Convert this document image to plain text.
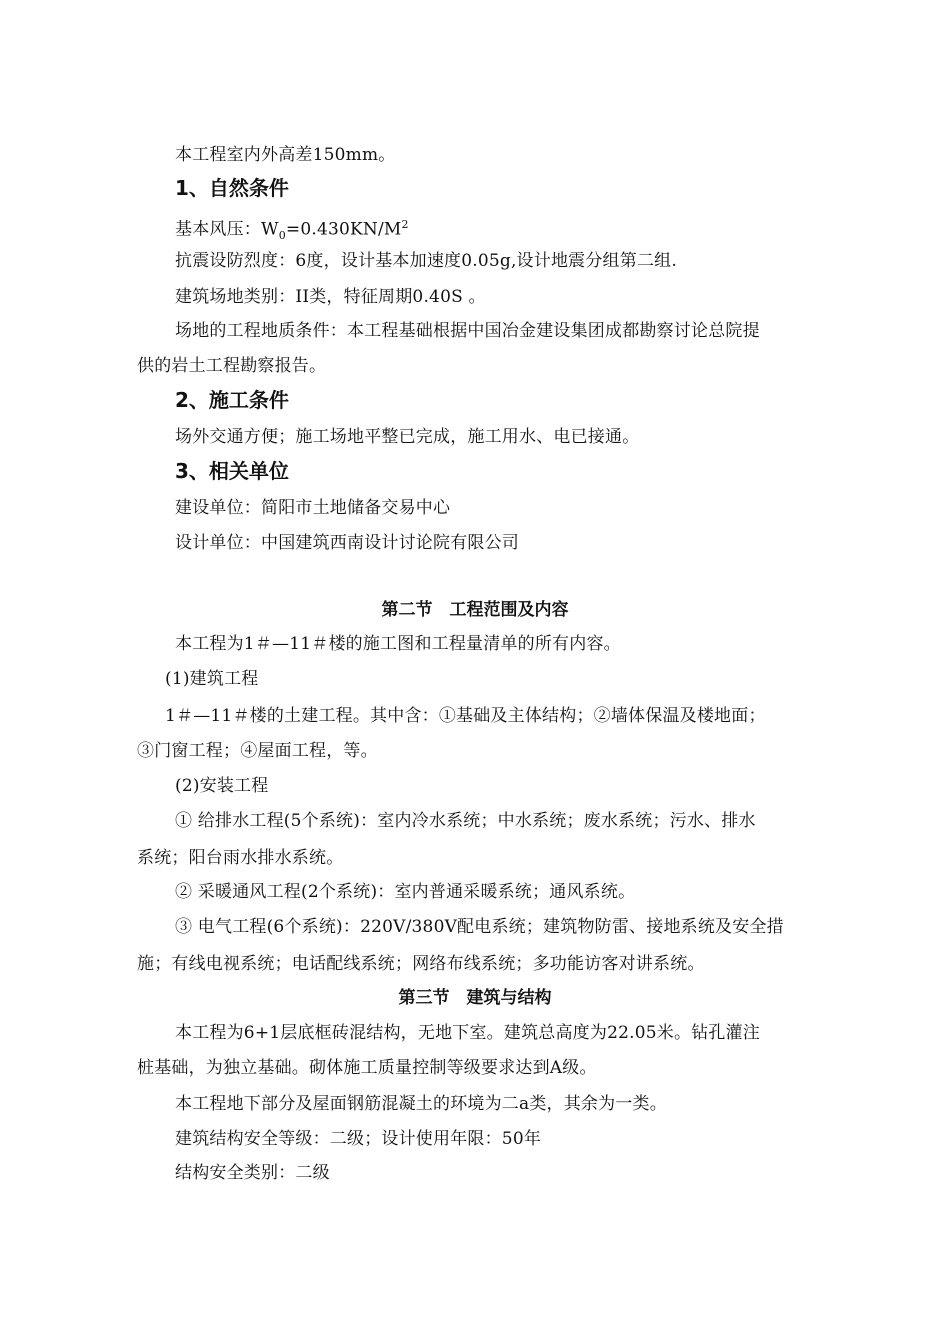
本工程室内外高差150mm。
1、自然条件
基本风压：$W_0=0.430KN/M^2$
抗震设防烈度：6度，设计基本加速度0.05g,设计地震分组第二组.
建筑场地类别：II类，特征周期0.40S 。
场地的工程地质条件：本工程基础根据中国冶金建设集团成都勘察讨论总院提
供的岩土工程勘察报告。
2、施工条件
场外交通方便；施工场地平整已完成，施工用水、电已接通。
3、相关单位
建设单位：简阳市土地储备交易中心
设计单位：中国建筑西南设计讨论院有限公司
第二节　工程范围及内容
本工程为1＃—11＃楼的施工图和工程量清单的所有内容。
(1)建筑工程
1＃—11＃楼的土建工程。其中含：①基础及主体结构；②墙体保温及楼地面；
③门窗工程；④屋面工程，等。
(2)安装工程
① 给排水工程(5个系统)：室内冷水系统；中水系统；废水系统；污水、排水
系统；阳台雨水排水系统。
② 采暖通风工程(2个系统)：室内普通采暖系统；通风系统。
③ 电气工程(6个系统)：220V/380V配电系统；建筑物防雷、接地系统及安全措
施；有线电视系统；电话配线系统；网络布线系统；多功能访客对讲系统。
第三节　建筑与结构
本工程为6+1层底框砖混结构，无地下室。建筑总高度为22.05米。钻孔灌注
桩基础，为独立基础。砌体施工质量控制等级要求达到A级。
本工程地下部分及屋面钢筋混凝土的环境为二a类，其余为一类。
建筑结构安全等级：二级；设计使用年限：50年
结构安全类别：二级
